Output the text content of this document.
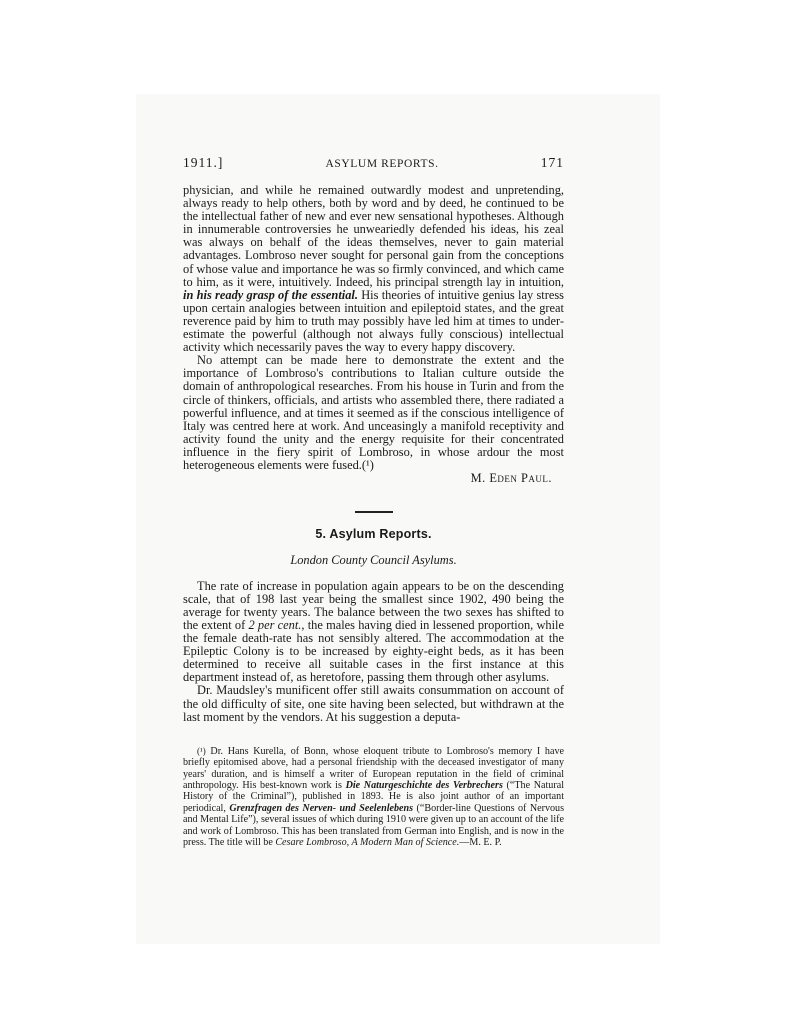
1911.]	ASYLUM REPORTS.	171

physician, and while he remained outwardly modest and unpretending, always ready to help others, both by word and by deed, he continued to be the intellectual father of new and ever new sensational hypotheses. Although in innumerable controversies he unweariedly defended his ideas, his zeal was always on behalf of the ideas themselves, never to gain material advantages. Lombroso never sought for personal gain from the conceptions of whose value and importance he was so firmly convinced, and which came to him, as it were, intuitively. Indeed, his principal strength lay in intuition, in his ready grasp of the essential. His theories of intuitive genius lay stress upon certain analogies between intuition and epileptoid states, and the great reverence paid by him to truth may possibly have led him at times to under-estimate the powerful (although not always fully conscious) intellectual activity which necessarily paves the way to every happy discovery.

No attempt can be made here to demonstrate the extent and the importance of Lombroso's contributions to Italian culture outside the domain of anthropological researches. From his house in Turin and from the circle of thinkers, officials, and artists who assembled there, there radiated a powerful influence, and at times it seemed as if the conscious intelligence of Italy was centred here at work. And unceasingly a manifold receptivity and activity found the unity and the energy requisite for their concentrated influence in the fiery spirit of Lombroso, in whose ardour the most heterogeneous elements were fused.(¹)

M. Eden Paul.
5. Asylum Reports.
London County Council Asylums.

The rate of increase in population again appears to be on the descending scale, that of 198 last year being the smallest since 1902, 490 being the average for twenty years. The balance between the two sexes has shifted to the extent of 2 per cent., the males having died in lessened proportion, while the female death-rate has not sensibly altered. The accommodation at the Epileptic Colony is to be increased by eighty-eight beds, as it has been determined to receive all suitable cases in the first instance at this department instead of, as heretofore, passing them through other asylums.

Dr. Maudsley's munificent offer still awaits consummation on account of the old difficulty of site, one site having been selected, but withdrawn at the last moment by the vendors. At his suggestion a deputa-

(¹) Dr. Hans Kurella, of Bonn, whose eloquent tribute to Lombroso's memory I have briefly epitomised above, had a personal friendship with the deceased investigator of many years' duration, and is himself a writer of European reputation in the field of criminal anthropology. His best-known work is Die Naturgeschichte des Verbrechers (“The Natural History of the Criminal”), published in 1893. He is also joint author of an important periodical, Grenzfragen des Nerven- und Seelenlebens (“Border-line Questions of Nervous and Mental Life”), several issues of which during 1910 were given up to an account of the life and work of Lombroso. This has been translated from German into English, and is now in the press. The title will be Cesare Lombroso, A Modern Man of Science.—M. E. P.
